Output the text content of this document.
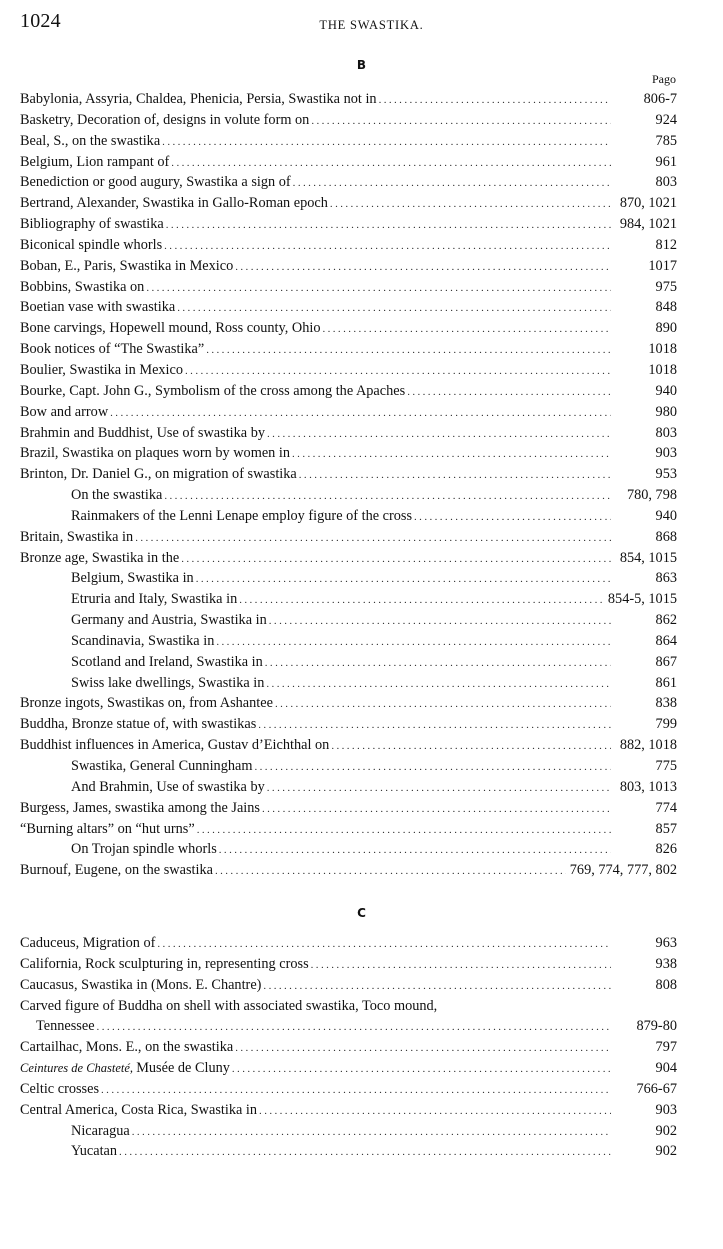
1024	THE SWASTIKA.
B
Pago
Babylonia, Assyria, Chaldea, Phenicia, Persia, Swastika not in .....	806-7
Basketry, Decoration of, designs in volute form on .....	924
Beal, S., on the swastika .....	785
Belgium, Lion rampant of .....	961
Benediction or good augury, Swastika a sign of .....	803
Bertrand, Alexander, Swastika in Gallo-Roman epoch .....	870, 1021
Bibliography of swastika .....	984, 1021
Biconical spindle whorls .....	812
Boban, E., Paris, Swastika in Mexico .....	1017
Bobbins, Swastika on .....	975
Boetian vase with swastika .....	848
Bone carvings, Hopewell mound, Ross county, Ohio .....	890
Book notices of “The Swastika” .....	1018
Boulier, Swastika in Mexico .....	1018
Bourke, Capt. John G., Symbolism of the cross among the Apaches .....	940
Bow and arrow .....	980
Brahmin and Buddhist, Use of swastika by .....	803
Brazil, Swastika on plaques worn by women in .....	903
Brinton, Dr. Daniel G., on migration of swastika .....	953
On the swastika .....	780, 798
Rainmakers of the Lenni Lenape employ figure of the cross .....	940
Britain, Swastika in .....	868
Bronze age, Swastika in the .....	854, 1015
Belgium, Swastika in .....	863
Etruria and Italy, Swastika in .....	854-5, 1015
Germany and Austria, Swastika in .....	862
Scandinavia, Swastika in .....	864
Scotland and Ireland, Swastika in .....	867
Swiss lake dwellings, Swastika in .....	861
Bronze ingots, Swastikas on, from Ashantee .....	838
Buddha, Bronze statue of, with swastikas .....	799
Buddhist influences in America, Gustav d’Eichthal on .....	882, 1018
Swastika, General Cunningham .....	775
And Brahmin, Use of swastika by .....	803, 1013
Burgess, James, swastika among the Jains .....	774
“Burning altars” on “hut urns” .....	857
On Trojan spindle whorls .....	826
Burnouf, Eugene, on the swastika .....	769, 774, 777, 802
C
Caduceus, Migration of .....	963
California, Rock sculpturing in, representing cross .....	938
Caucasus, Swastika in (Mons. E. Chantre) .....	808
Carved figure of Buddha on shell with associated swastika, Toco mound,
Tennessee .....	879-80
Cartailhac, Mons. E., on the swastika .....	797
Ceintures de Chasteté, Musée de Cluny .....	904
Celtic crosses .....	766-67
Central America, Costa Rica, Swastika in .....	903
Nicaragua .....	902
Yucatan .....	902
